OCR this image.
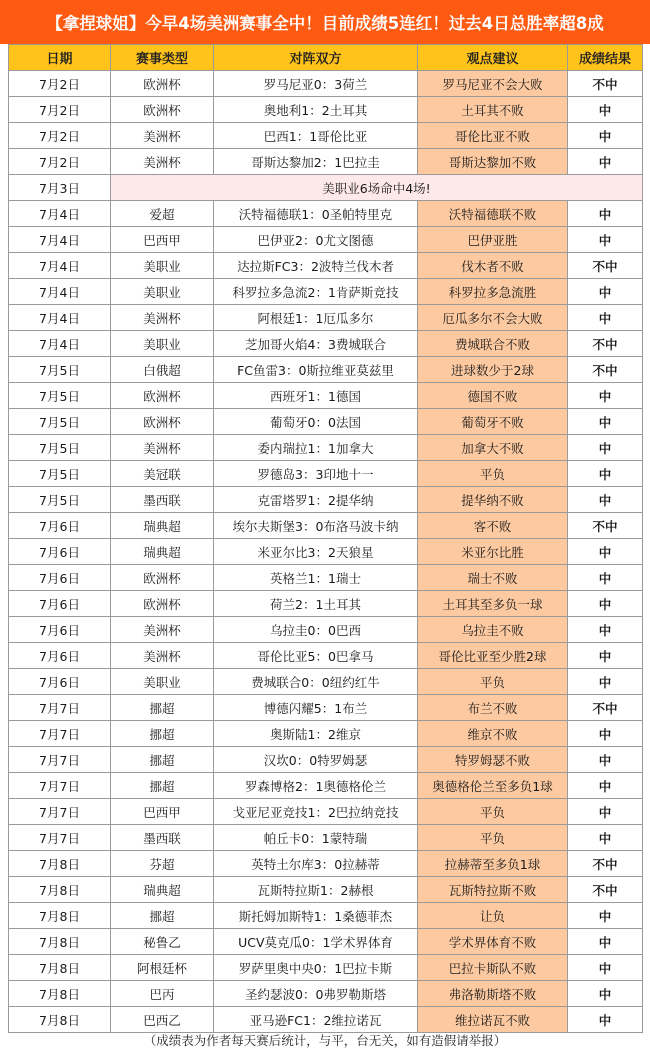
【拿捏球姐】今早4场美洲赛事全中！目前成绩5连红！过去4日总胜率超8成
日期	赛事类型	对阵双方	观点建议	成绩结果
7月2日	欧洲杯	罗马尼亚0：3荷兰	罗马尼亚不会大败	不中
7月2日	欧洲杯	奥地利1：2土耳其	土耳其不败	中
7月2日	美洲杯	巴西1：1哥伦比亚	哥伦比亚不败	中
7月2日	美洲杯	哥斯达黎加2：1巴拉圭	哥斯达黎加不败	中
7月3日	美职业6场命中4场!			
7月4日	爱超	沃特福德联1：0圣帕特里克	沃特福德联不败	中
7月4日	巴西甲	巴伊亚2：0尤文图德	巴伊亚胜	中
7月4日	美职业	达拉斯FC3：2波特兰伐木者	伐木者不败	不中
7月4日	美职业	科罗拉多急流2：1肯萨斯竞技	科罗拉多急流胜	中
7月4日	美洲杯	阿根廷1：1厄瓜多尔	厄瓜多尔不会大败	中
7月4日	美职业	芝加哥火焰4：3费城联合	费城联合不败	不中
7月5日	白俄超	FC鱼雷3：0斯拉维亚莫兹里	进球数少于2球	不中
7月5日	欧洲杯	西班牙1：1德国	德国不败	中
7月5日	欧洲杯	葡萄牙0：0法国	葡萄牙不败	中
7月5日	美洲杯	委内瑞拉1：1加拿大	加拿大不败	中
7月5日	美冠联	罗德岛3：3印地十一	平负	中
7月5日	墨西联	克雷塔罗1：2提华纳	提华纳不败	中
7月6日	瑞典超	埃尔夫斯堡3：0布洛马波卡纳	客不败	不中
7月6日	瑞典超	米亚尔比3：2天狼星	米亚尔比胜	中
7月6日	欧洲杯	英格兰1：1瑞士	瑞士不败	中
7月6日	欧洲杯	荷兰2：1土耳其	土耳其至多负一球	中
7月6日	美洲杯	乌拉圭0：0巴西	乌拉圭不败	中
7月6日	美洲杯	哥伦比亚5：0巴拿马	哥伦比亚至少胜2球	中
7月6日	美职业	费城联合0：0纽约红牛	平负	中
7月7日	挪超	博德闪耀5：1布兰	布兰不败	不中
7月7日	挪超	奥斯陆1：2维京	维京不败	中
7月7日	挪超	汉坎0：0特罗姆瑟	特罗姆瑟不败	中
7月7日	挪超	罗森博格2：1奥德格伦兰	奥德格伦兰至多负1球	中
7月7日	巴西甲	戈亚尼亚竞技1：2巴拉纳竞技	平负	中
7月7日	墨西联	帕丘卡0：1蒙特瑞	平负	中
7月8日	芬超	英特土尔库3：0拉赫蒂	拉赫蒂至多负1球	不中
7月8日	瑞典超	瓦斯特拉斯1：2赫根	瓦斯特拉斯不败	不中
7月8日	挪超	斯托姆加斯特1：1桑德菲杰	让负	中
7月8日	秘鲁乙	UCV莫克瓜0：1学术界体育	学术界体育不败	中
7月8日	阿根廷杯	罗萨里奥中央0：1巴拉卡斯	巴拉卡斯队不败	中
7月8日	巴丙	圣约瑟波0：0弗罗勒斯塔	弗洛勒斯塔不败	中
7月8日	巴西乙	亚马逊FC1：2维拉诺瓦	维拉诺瓦不败	中
（成绩表为作者每天赛后统计，与平，台无关，如有造假请举报）
